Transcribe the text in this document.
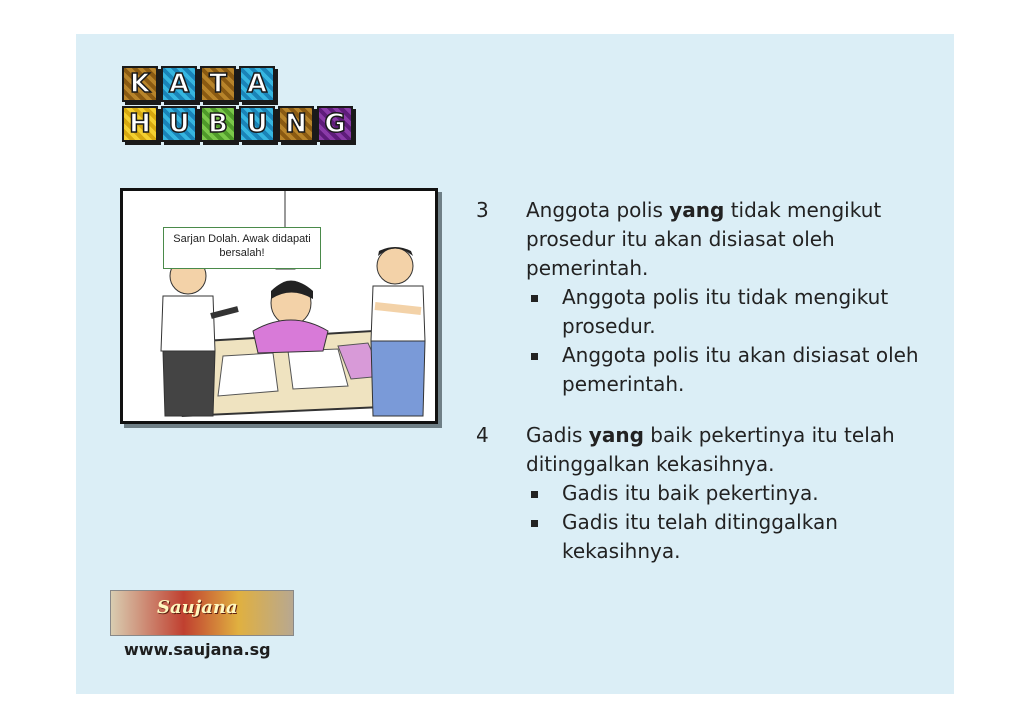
K A T A
H U B U N G
Sarjan Dolah. Awak didapati bersalah!
3 Anggota polis yang tidak mengikut prosedur itu akan disiasat oleh pemerintah.
Anggota polis itu tidak mengikut prosedur.
Anggota polis itu akan disiasat oleh pemerintah.
4 Gadis yang baik pekertinya itu telah ditinggalkan kekasihnya.
Gadis itu baik pekertinya.
Gadis itu telah ditinggalkan kekasihnya.
Saujana
www.saujana.sg
